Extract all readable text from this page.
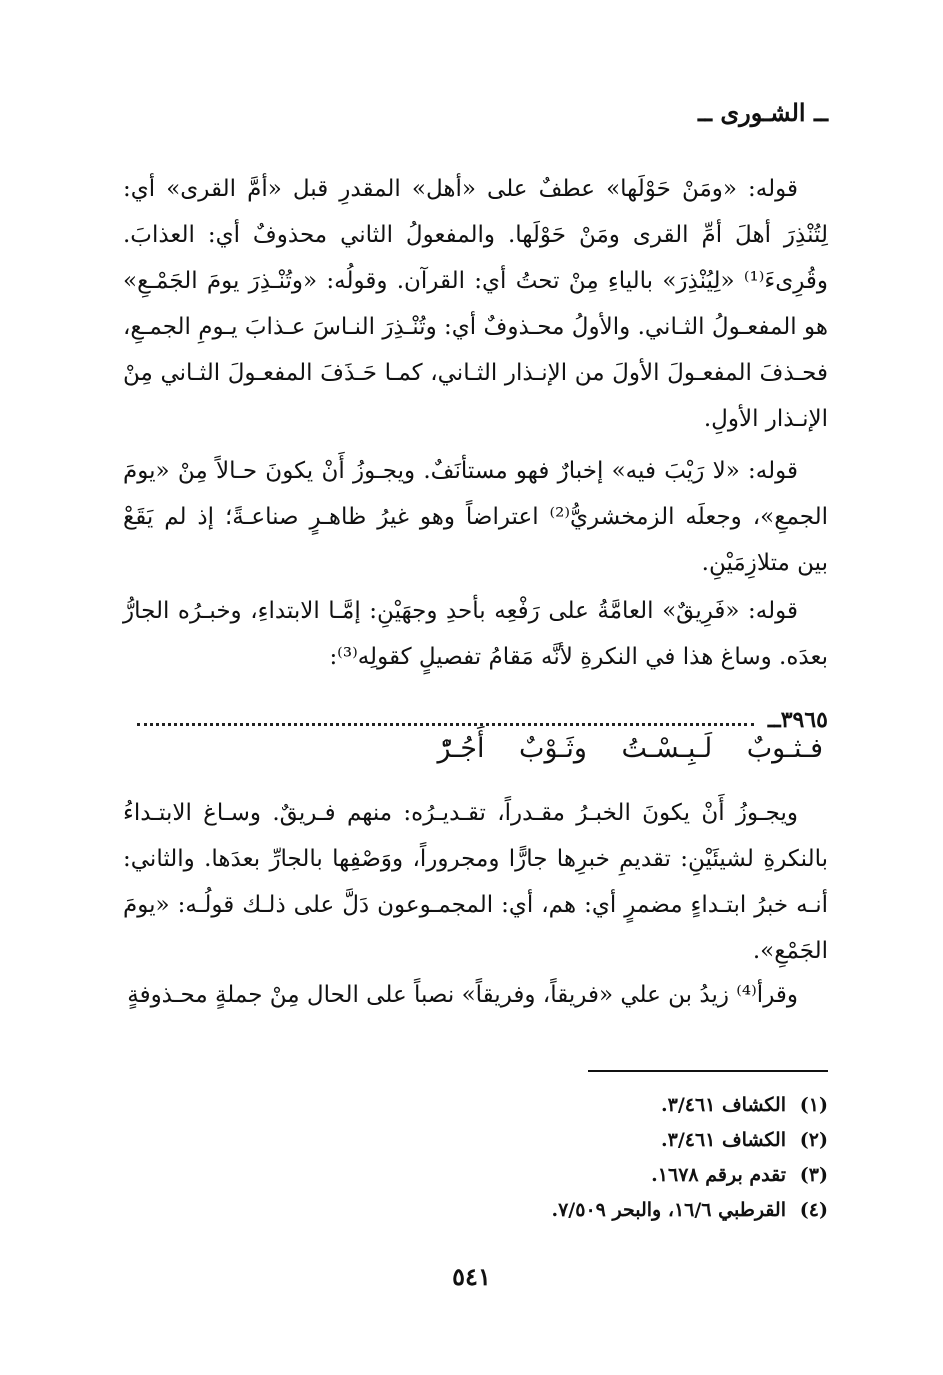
ــ الشـورى ــ

قوله: «ومَنْ حَوْلَها» عطفٌ على «أهل» المقدرِ قبل «أمَّ القرى» أي: لِتُنْذِرَ أهلَ أمِّ القرى ومَنْ حَوْلَها. والمفعولُ الثاني محذوفٌ أي: العذابَ. وقُرِىءَ⁽¹⁾ «لِيُنْذِرَ» بالياءِ مِنْ تحتُ أي: القرآن. وقولُه: «وتُنْـذِرَ يومَ الجَمْـعِ» هو المفعـولُ الثـاني. والأولُ محـذوفٌ أي: وتُنْـذِرَ النـاسَ عـذابَ يـومِ الجمـعِ، فحـذفَ المفعـولَ الأولَ من الإنـذار الثـاني، كمـا حَـذَفَ المفعـولَ الثـاني مِنْ الإنـذار الأولِ.

قوله: «لا رَيْبَ فيه» إخبارٌ فهو مستأنَفٌ. ويجـوزُ أَنْ يكونَ حـالاً مِنْ «يومَ الجمعِ»، وجعلَه الزمخشريُّ⁽²⁾ اعتراضاً وهو غيرُ ظاهـرٍ صناعـةً؛ إذ لم يَقَعْ بين متلازِمَيْنِ.

قوله: «فَرِيقٌ» العامَّةُ على رَفْعِه بأحدِ وجهَيْنِ: إمَّـا الابتداءِ، وخبـرُه الجارُّ بعدَه. وساغ هذا في النكرةِ لأنَّه مَقامُ تفصيلٍ كقولِه⁽³⁾:

٣٩٦٥ــ
فـثـوبٌ لَـبِـسْـتُ وثَـوْبٌ أَجُـرّْ

ويجـوزُ أَنْ يكونَ الخبـرُ مقـدراً، تقـديـرُه: منهم فـريقٌ. وسـاغ الابتـداءُ بالنكرةِ لشيئَيْنِ: تقديمِ خبرِها جارًّا ومجروراً، ووَصْفِها بالجارِّ بعدَها. والثاني: أنـه خبرُ ابتـداءٍ مضمرٍ أي: هم، أي: المجمـوعون دَلَّ على ذلـك قولُـه: «يومَ الجَمْعِ».

وقرأ⁽⁴⁾ زيدُ بن علي «فريقاً، وفريقاً» نصباً على الحال مِنْ جملةٍ محـذوفةٍ

(١)
الكشاف ٣/٤٦١.
(٢)
الكشاف ٣/٤٦١.
(٣)
تقدم برقم ١٦٧٨.
(٤)
القرطبي ١٦/٦، والبحر ٧/٥٠٩.
٥٤١
